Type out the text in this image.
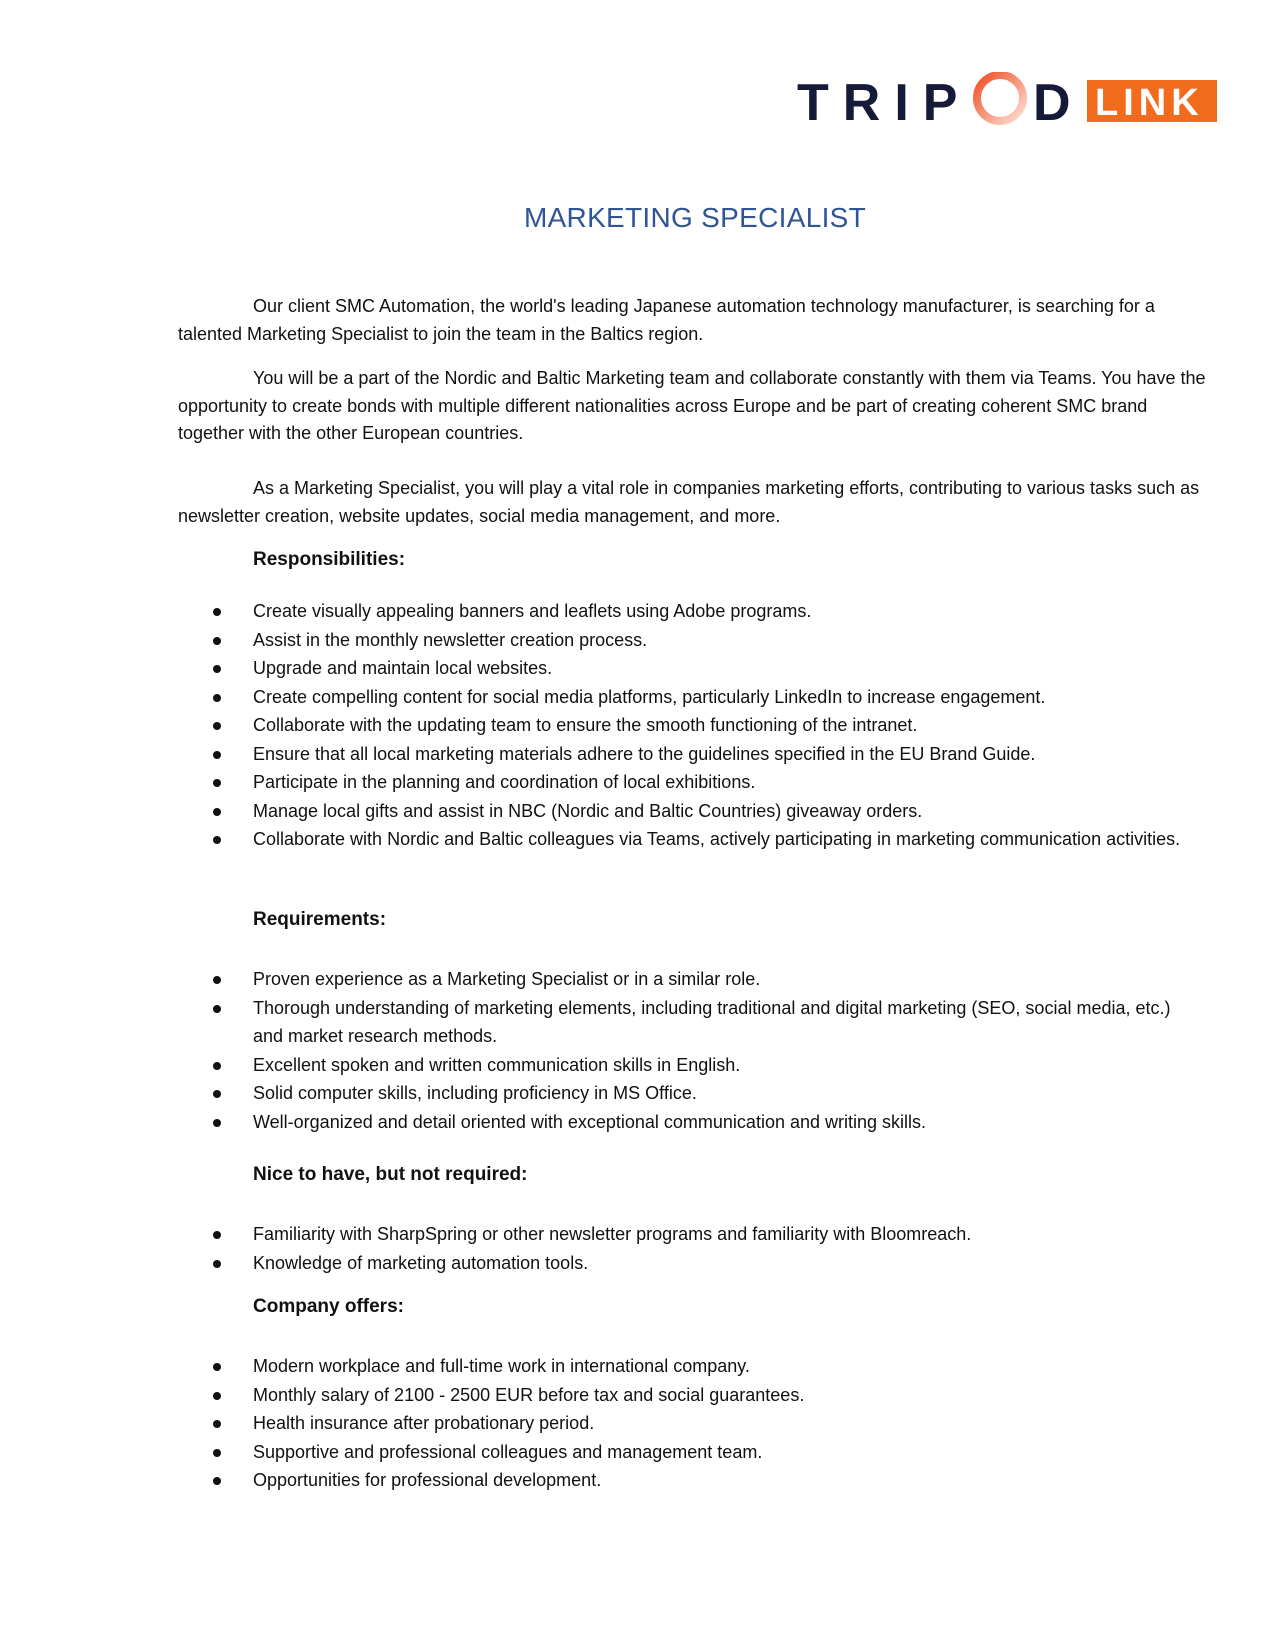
TRIP D LINK
MARKETING SPECIALIST

Our client SMC Automation, the world's leading Japanese automation technology manufacturer, is searching for a talented Marketing Specialist to join the team in the Baltics region.

You will be a part of the Nordic and Baltic Marketing team and collaborate constantly with them via Teams. You have the opportunity to create bonds with multiple different nationalities across Europe and be part of creating coherent SMC brand together with the other European countries.

As a Marketing Specialist, you will play a vital role in companies marketing efforts, contributing to various tasks such as newsletter creation, website updates, social media management, and more.

Responsibilities:
Create visually appealing banners and leaflets using Adobe programs.
Assist in the monthly newsletter creation process.
Upgrade and maintain local websites.
Create compelling content for social media platforms, particularly LinkedIn to increase engagement.
Collaborate with the updating team to ensure the smooth functioning of the intranet.
Ensure that all local marketing materials adhere to the guidelines specified in the EU Brand Guide.
Participate in the planning and coordination of local exhibitions.
Manage local gifts and assist in NBC (Nordic and Baltic Countries) giveaway orders.
Collaborate with Nordic and Baltic colleagues via Teams, actively participating in marketing communication activities.
Requirements:
Proven experience as a Marketing Specialist or in a similar role.
Thorough understanding of marketing elements, including traditional and digital marketing (SEO, social media, etc.) and market research methods.
Excellent spoken and written communication skills in English.
Solid computer skills, including proficiency in MS Office.
Well-organized and detail oriented with exceptional communication and writing skills.
Nice to have, but not required:
Familiarity with SharpSpring or other newsletter programs and familiarity with Bloomreach.
Knowledge of marketing automation tools.
Company offers:
Modern workplace and full-time work in international company.
Monthly salary of 2100 - 2500 EUR before tax and social guarantees.
Health insurance after probationary period.
Supportive and professional colleagues and management team.
Opportunities for professional development.
